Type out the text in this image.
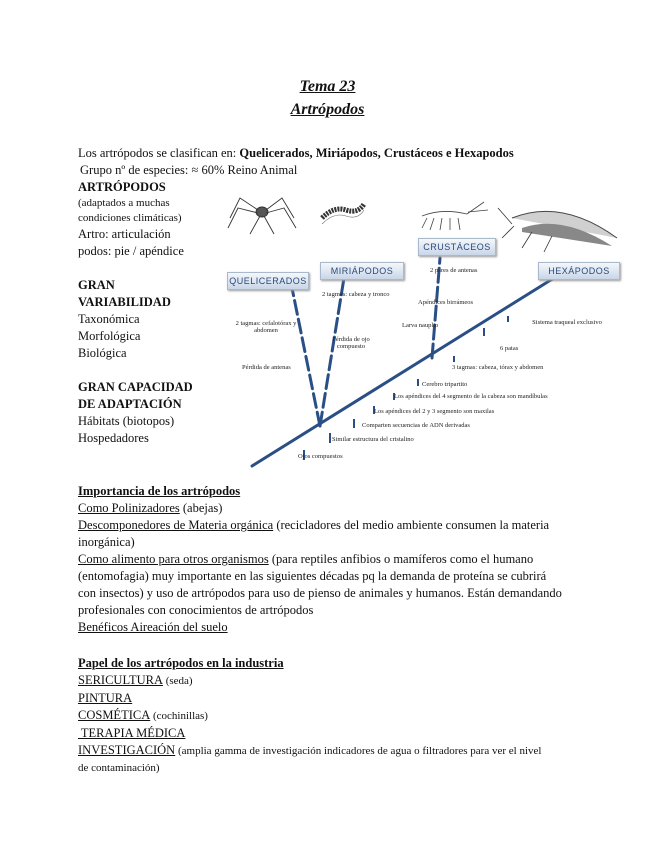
Tema 23
Artrópodos
Los artrópodos se clasifican en: Quelicerados, Miriápodos, Crustáceos e Hexapodos
Grupo nº de especies: ≈ 60% Reino Animal
ARTRÓPODOS
(adaptados a muchas
condiciones climáticas)
Artro: articulación
podos: pie / apéndice
GRAN
VARIABILIDAD
Taxonómica
Morfológica
Biológica
GRAN CAPACIDAD
DE ADAPTACIÓN
Hábitats (biotopos)
Hospedadores
QUELICERADOS
MIRIÁPODOS
CRUSTÁCEOS
HEXÁPODOS
2 tagmas: cefalotórax y abdomen
Pérdida de antenas
2 tagmas: cabeza y tronco
Pérdida de ojo compuesto
2 pares de antenas
Apéndices birrámeos
Larva nauplio	Sistema traqueal exclusivo
6 patas
3 tagmas: cabeza, tórax y abdomen
Cerebro tripartito
Los apéndices del 4 segmento de la cabeza son mandíbulas
Los apéndices del 2 y 3 segmento son maxilas
Comparten secuencias de ADN derivadas
Similar estructura del cristalino
Ojos compuestos
Importancia de los artrópodos
Como Polinizadores (abejas)
Descomponedores de Materia orgánica (recicladores del medio ambiente consumen la materia
inorgánica)
Como alimento para otros organismos (para reptiles anfibios o mamíferos como el humano
(entomofagia) muy importante en las siguientes décadas pq la demanda de proteína se cubrirá
con insectos) y uso de artrópodos para uso de pienso de animales y humanos. Están demandando
profesionales con conocimientos de artrópodos
Benéficos Aireación del suelo
Papel de los artrópodos en la industria
SERICULTURA (seda)
PINTURA
COSMÉTICA (cochinillas)
TERAPIA MÉDICA
INVESTIGACIÓN (amplia gamma de investigación indicadores de agua o filtradores para ver el nivel
de contaminación)
